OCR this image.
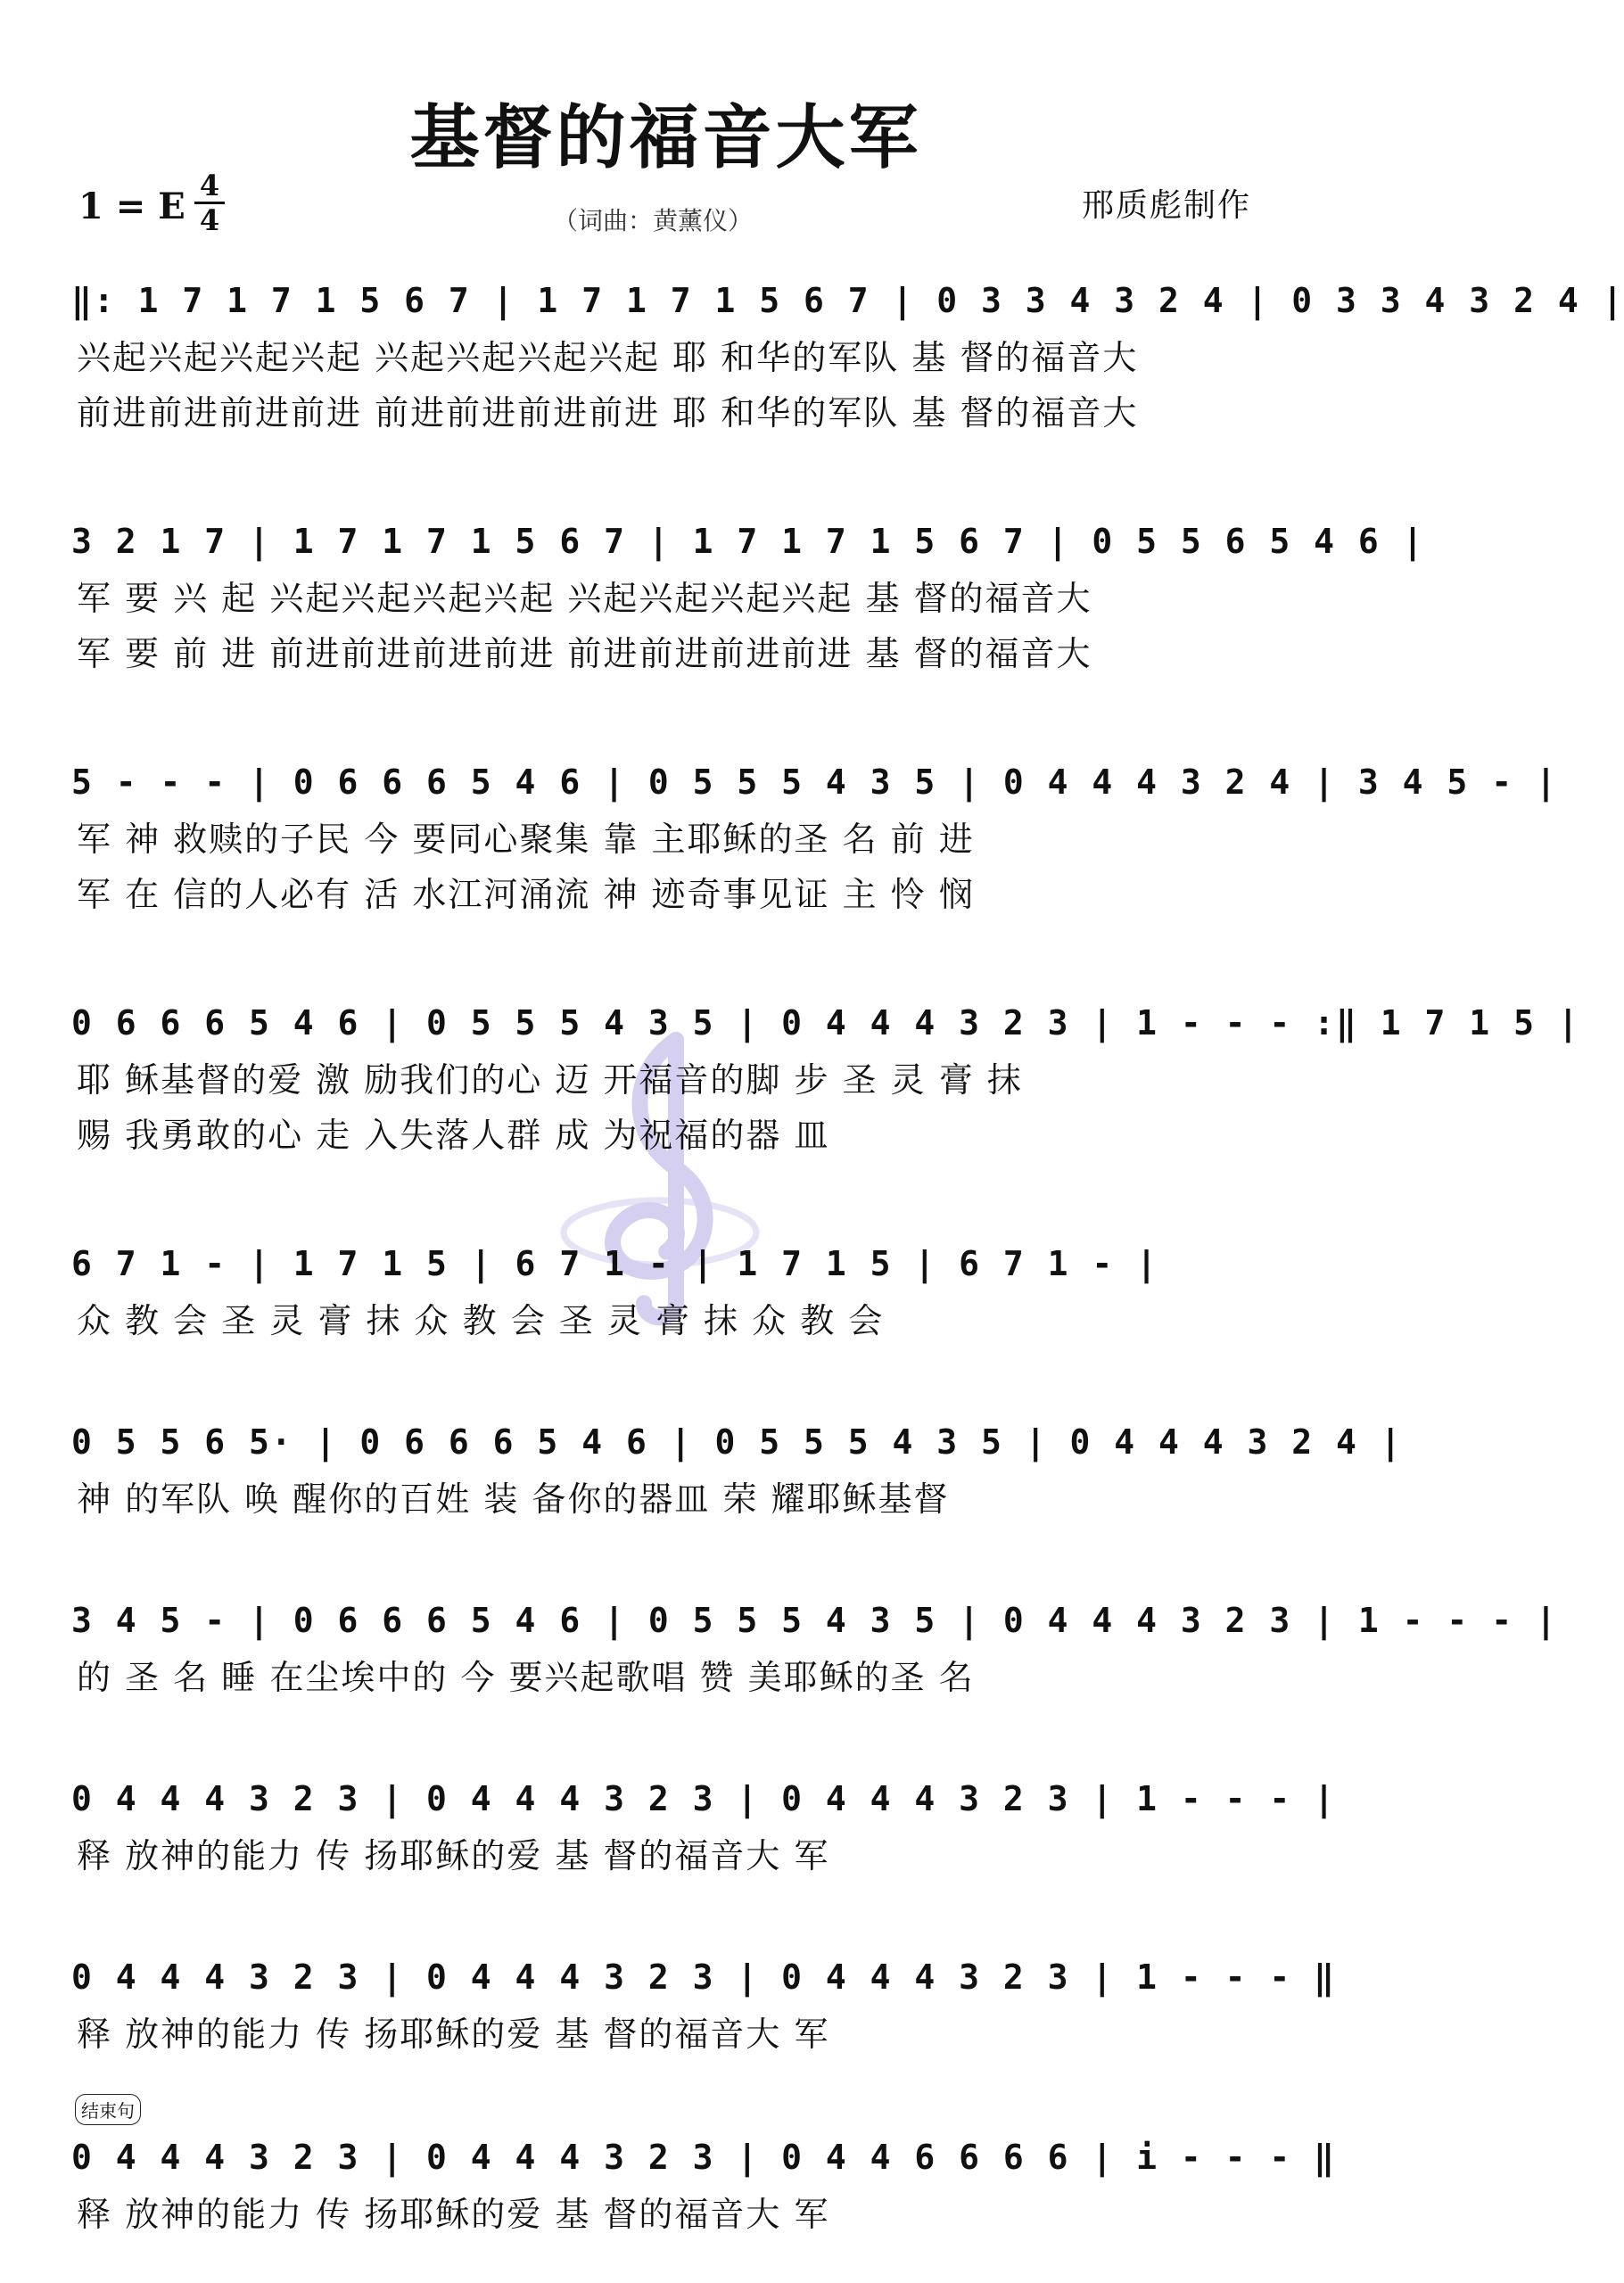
基督的福音大军
1 = E 4
4	（词曲：黄薰仪）	邢质彪制作
‖: 1 7 1 7 1 5 6 7 | 1 7 1 7 1 5 6 7 | 0 3 3 4 3 2 4 | 0 3 3 4 3 2 4 |
兴起兴起兴起兴起 兴起兴起兴起兴起 耶 和华的军队 基 督的福音大
前进前进前进前进 前进前进前进前进 耶 和华的军队 基 督的福音大
3 2 1 7 | 1 7 1 7 1 5 6 7 | 1 7 1 7 1 5 6 7 | 0 5 5 6 5 4 6 |
军 要 兴 起 兴起兴起兴起兴起 兴起兴起兴起兴起 基 督的福音大
军 要 前 进 前进前进前进前进 前进前进前进前进 基 督的福音大
5 - - - | 0 6 6 6 5 4 6 | 0 5 5 5 4 3 5 | 0 4 4 4 3 2 4 | 3 4 5 - |
军 神 救赎的子民 今 要同心聚集 靠 主耶稣的圣 名 前 进
军 在 信的人必有 活 水江河涌流 神 迹奇事见证 主 怜 悯
0 6 6 6 5 4 6 | 0 5 5 5 4 3 5 | 0 4 4 4 3 2 3 | 1 - - - :‖ 1 7 1 5 |
耶 稣基督的爱 激 励我们的心 迈 开福音的脚 步 圣 灵 膏 抹
赐 我勇敢的心 走 入失落人群 成 为祝福的器 皿
6 7 1 - | 1 7 1 5 | 6 7 1 - | 1 7 1 5 | 6 7 1 - |
众 教 会 圣 灵 膏 抹 众 教 会 圣 灵 膏 抹 众 教 会
0 5 5 6 5· | 0 6 6 6 5 4 6 | 0 5 5 5 4 3 5 | 0 4 4 4 3 2 4 |
神 的军队 唤 醒你的百姓 装 备你的器皿 荣 耀耶稣基督
3 4 5 - | 0 6 6 6 5 4 6 | 0 5 5 5 4 3 5 | 0 4 4 4 3 2 3 | 1 - - - |
的 圣 名 睡 在尘埃中的 今 要兴起歌唱 赞 美耶稣的圣 名
0 4 4 4 3 2 3 | 0 4 4 4 3 2 3 | 0 4 4 4 3 2 3 | 1 - - - |
释 放神的能力 传 扬耶稣的爱 基 督的福音大 军
0 4 4 4 3 2 3 | 0 4 4 4 3 2 3 | 0 4 4 4 3 2 3 | 1 - - - ‖
释 放神的能力 传 扬耶稣的爱 基 督的福音大 军
结束句
0 4 4 4 3 2 3 | 0 4 4 4 3 2 3 | 0 4 4 6 6 6 6 | i - - - ‖
释 放神的能力 传 扬耶稣的爱 基 督的福音大 军
